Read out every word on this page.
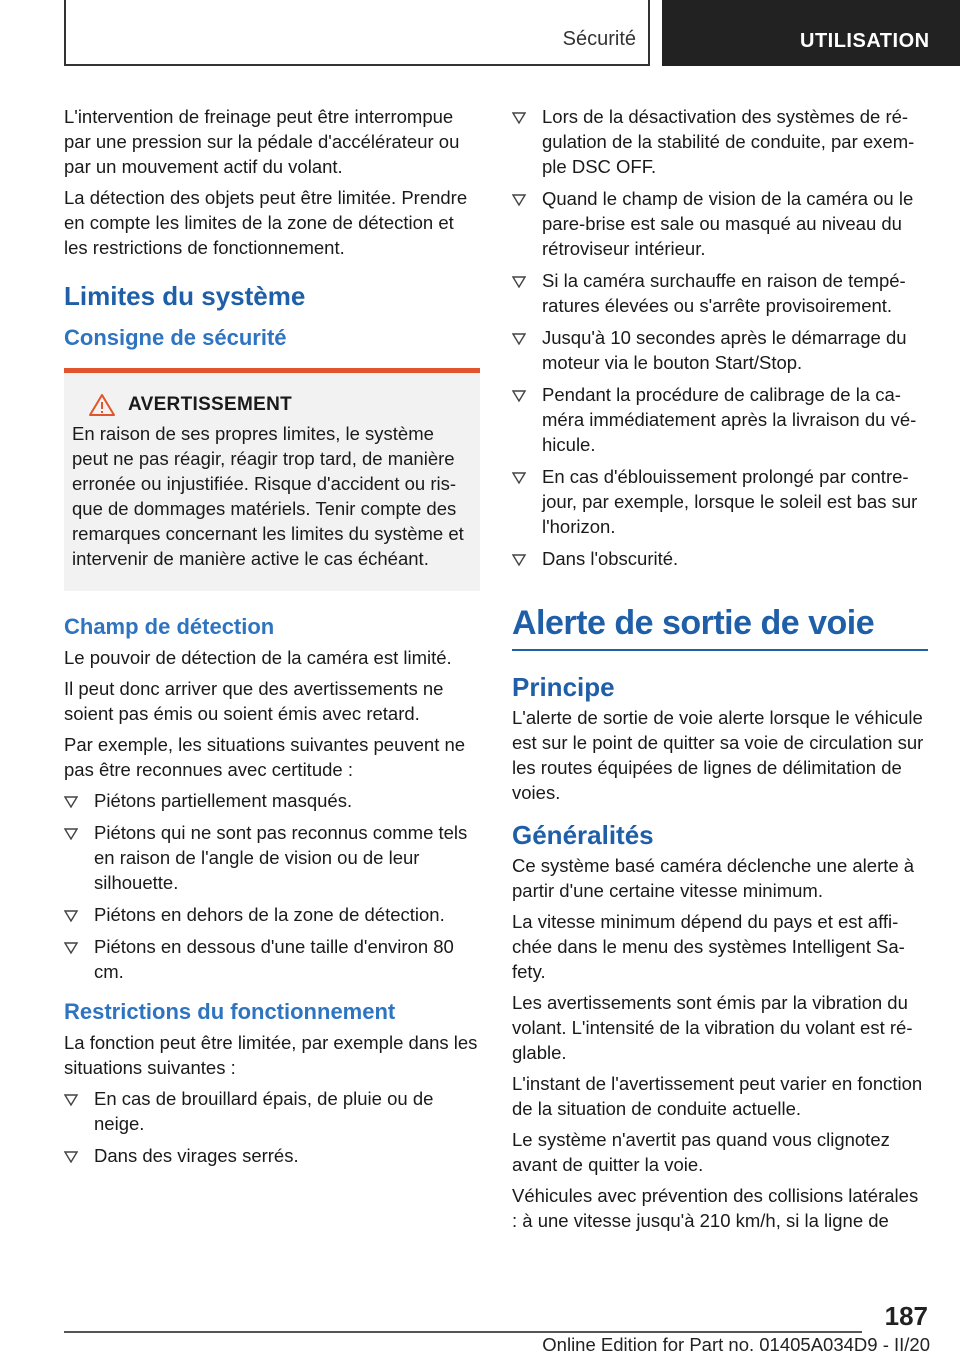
Sécurité	UTILISATION

L'intervention de freinage peut être interrompue par une pression sur la pédale d'accélérateur ou par un mouvement actif du volant.

La détection des objets peut être limitée. Prendre en compte les limites de la zone de détection et les restrictions de fonctionnement.

Limites du système
Consigne de sécurité
AVERTISSEMENT

En raison de ses propres limites, le système peut ne pas réagir, réagir trop tard, de manière erronée ou injustifiée. Risque d'accident ou risque de dommages matériels. Tenir compte des remarques concernant les limites du système et intervenir de manière active le cas échéant.

Champ de détection

Le pouvoir de détection de la caméra est limité.

Il peut donc arriver que des avertissements ne soient pas émis ou soient émis avec retard.

Par exemple, les situations suivantes peuvent ne pas être reconnues avec certitude :

Piétons partiellement masqués.
Piétons qui ne sont pas reconnus comme tels en raison de l'angle de vision ou de leur silhouette.
Piétons en dehors de la zone de détection.
Piétons en dessous d'une taille d'environ 80 cm.
Restrictions du fonctionnement

La fonction peut être limitée, par exemple dans les situations suivantes :

En cas de brouillard épais, de pluie ou de neige.
Dans des virages serrés.
Lors de la désactivation des systèmes de régulation de la stabilité de conduite, par exemple DSC OFF.
Quand le champ de vision de la caméra ou le pare-brise est sale ou masqué au niveau du rétroviseur intérieur.
Si la caméra surchauffe en raison de températures élevées ou s'arrête provisoirement.
Jusqu'à 10 secondes après le démarrage du moteur via le bouton Start/Stop.
Pendant la procédure de calibrage de la caméra immédiatement après la livraison du véhicule.
En cas d'éblouissement prolongé par contre-jour, par exemple, lorsque le soleil est bas sur l'horizon.
Dans l'obscurité.
Alerte de sortie de voie
Principe

L'alerte de sortie de voie alerte lorsque le véhicule est sur le point de quitter sa voie de circulation sur les routes équipées de lignes de délimitation de voies.

Généralités

Ce système basé caméra déclenche une alerte à partir d'une certaine vitesse minimum.

La vitesse minimum dépend du pays et est affichée dans le menu des systèmes Intelligent Safety.

Les avertissements sont émis par la vibration du volant. L'intensité de la vibration du volant est réglable.

L'instant de l'avertissement peut varier en fonction de la situation de conduite actuelle.

Le système n'avertit pas quand vous clignotez avant de quitter la voie.

Véhicules avec prévention des collisions latérales : à une vitesse jusqu'à 210 km/h, si la ligne de

187
Online Edition for Part no. 01405A034D9 - II/20
